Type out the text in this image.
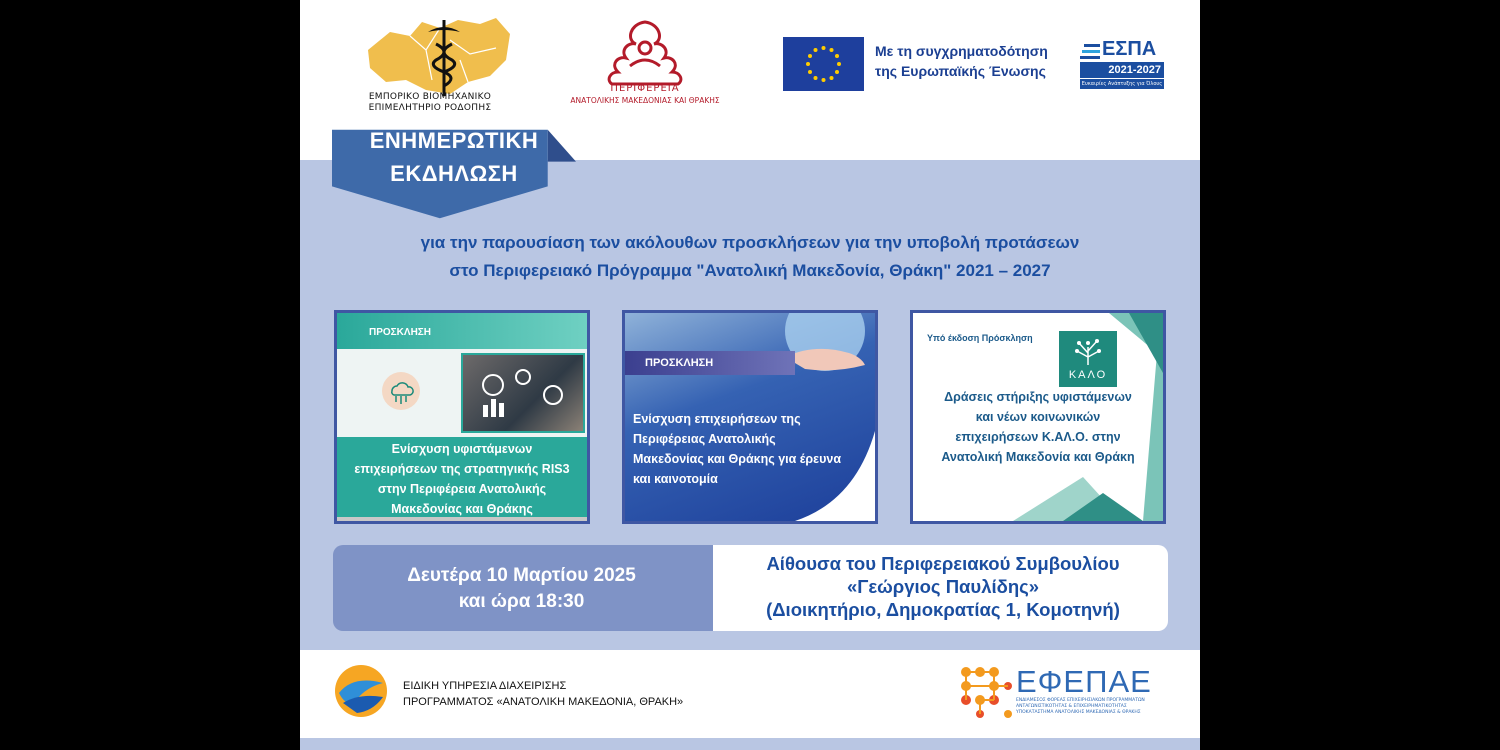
ΕΜΠΟΡΙΚΟ ΒΙΟΜΗΧΑΝΙΚΟ
ΕΠΙΜΕΛΗΤΗΡΙΟ ΡΟΔΟΠΗΣ
ΠΕΡΙΦΕΡΕΙΑ
ΑΝΑΤΟΛΙΚΗΣ ΜΑΚΕΔΟΝΙΑΣ ΚΑΙ ΘΡΑΚΗΣ
Με τη συγχρηματοδότηση
της Ευρωπαϊκής Ένωσης
ΕΣΠΑ
2021-2027
Ευκαιρίες Ανάπτυξης για Όλους
ΕΝΗΜΕΡΩΤΙΚΗ
ΕΚΔΗΛΩΣΗ
για την παρουσίαση των ακόλουθων προσκλήσεων για την υποβολή προτάσεων
στο Περιφερειακό Πρόγραμμα "Ανατολική Μακεδονία, Θράκη" 2021 – 2027
ΠΡΟΣΚΛΗΣΗ
Ενίσχυση υφιστάμενων
επιχειρήσεων της στρατηγικής RIS3
στην Περιφέρεια Ανατολικής
Μακεδονίας και Θράκης
ΠΡΟΣΚΛΗΣΗ
Ενίσχυση επιχειρήσεων της
Περιφέρειας Ανατολικής
Μακεδονίας και Θράκης για έρευνα
και καινοτομία
Υπό έκδοση Πρόσκληση
ΚΑΛΟ
Δράσεις στήριξης υφιστάμενων
και νέων κοινωνικών
επιχειρήσεων Κ.ΑΛ.Ο. στην
Ανατολική Μακεδονία και Θράκη
Δευτέρα 10 Μαρτίου 2025
και ώρα 18:30
Αίθουσα του Περιφερειακού Συμβουλίου
«Γεώργιος Παυλίδης»
(Διοικητήριο, Δημοκρατίας 1, Κομοτηνή)
ΕΙΔΙΚΗ ΥΠΗΡΕΣΙΑ ΔΙΑΧΕΙΡΙΣΗΣ
ΠΡΟΓΡΑΜΜΑΤΟΣ «ΑΝΑΤΟΛΙΚΗ ΜΑΚΕΔΟΝΙΑ, ΘΡΑΚΗ»
ΕΦΕΠΑΕ
ΕΝΔΙΑΜΕΣΟΣ ΦΟΡΕΑΣ ΕΠΙΧΕΙΡΗΣΙΑΚΩΝ ΠΡΟΓΡΑΜΜΑΤΩΝ
ΑΝΤΑΓΩΝΙΣΤΙΚΟΤΗΤΑΣ & ΕΠΙΧΕΙΡΗΜΑΤΙΚΟΤΗΤΑΣ
ΥΠΟΚΑΤΑΣΤΗΜΑ ΑΝΑΤΟΛΙΚΗΣ ΜΑΚΕΔΟΝΙΑΣ & ΘΡΑΚΗΣ
